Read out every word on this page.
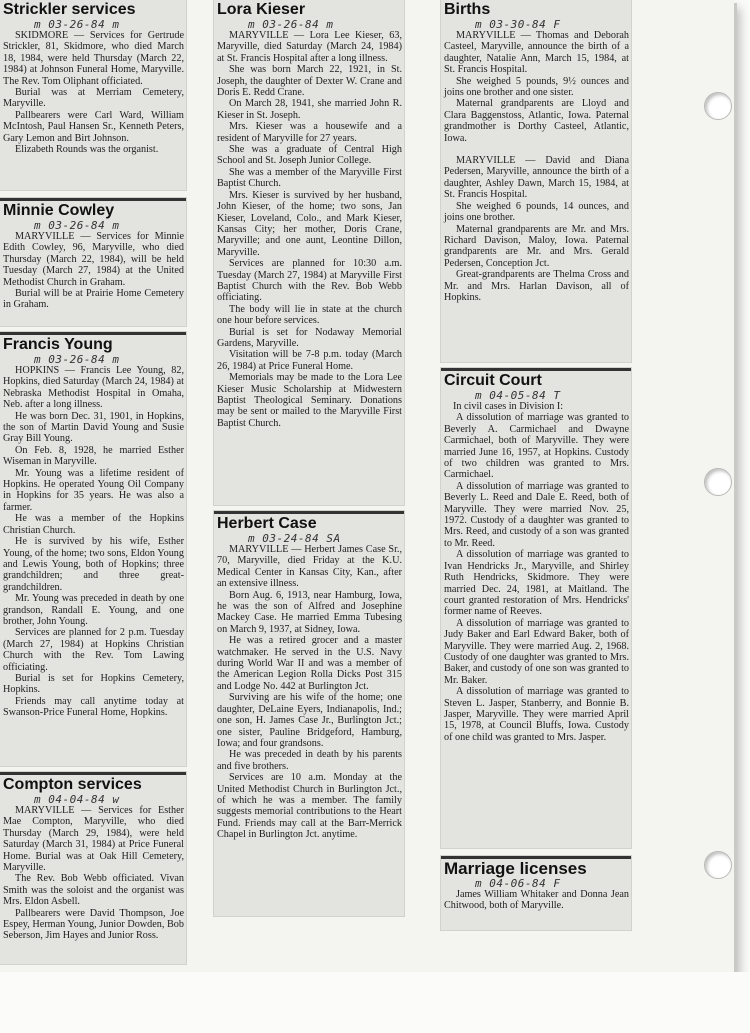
Strickler services
m 03-26-84 m

SKIDMORE — Services for Gertrude Strickler, 81, Skidmore, who died March 18, 1984, were held Thursday (March 22, 1984) at Johnson Funeral Home, Maryville. The Rev. Tom Oliphant officiated.

Burial was at Merriam Cemetery, Maryville.

Pallbearers were Carl Ward, William McIntosh, Paul Hansen Sr., Kenneth Peters, Gary Lemon and Birt Johnson.

Elizabeth Rounds was the organist.

Minnie Cowley
m 03-26-84 m

MARYVILLE — Services for Minnie Edith Cowley, 96, Maryville, who died Thursday (March 22, 1984), will be held Tuesday (March 27, 1984) at the United Methodist Church in Graham.

Burial will be at Prairie Home Cemetery in Graham.

Francis Young
m 03-26-84 m

HOPKINS — Francis Lee Young, 82, Hopkins, died Saturday (March 24, 1984) at Nebraska Methodist Hospital in Omaha, Neb. after a long illness.

He was born Dec. 31, 1901, in Hopkins, the son of Martin David Young and Susie Gray Bill Young.

On Feb. 8, 1928, he married Esther Wiseman in Maryville.

Mr. Young was a lifetime resident of Hopkins. He operated Young Oil Company in Hopkins for 35 years. He was also a farmer.

He was a member of the Hopkins Christian Church.

He is survived by his wife, Esther Young, of the home; two sons, Eldon Young and Lewis Young, both of Hopkins; three grandchildren; and three great-grandchildren.

Mr. Young was preceded in death by one grandson, Randall E. Young, and one brother, John Young.

Services are planned for 2 p.m. Tuesday (March 27, 1984) at Hopkins Christian Church with the Rev. Tom Lawing officiating.

Burial is set for Hopkins Cemetery, Hopkins.

Friends may call anytime today at Swanson-Price Funeral Home, Hopkins.

Compton services
m 04-04-84 w

MARYVILLE — Services for Esther Mae Compton, Maryville, who died Thursday (March 29, 1984), were held Saturday (March 31, 1984) at Price Funeral Home. Burial was at Oak Hill Cemetery, Maryville.

The Rev. Bob Webb officiated. Vivan Smith was the soloist and the organist was Mrs. Eldon Asbell.

Pallbearers were David Thompson, Joe Espey, Herman Young, Junior Dowden, Bob Seberson, Jim Hayes and Junior Ross.

Lora Kieser
m 03-26-84 m

MARYVILLE — Lora Lee Kieser, 63, Maryville, died Saturday (March 24, 1984) at St. Francis Hospital after a long illness.

She was born March 22, 1921, in St. Joseph, the daughter of Dexter W. Crane and Doris E. Redd Crane.

On March 28, 1941, she married John R. Kieser in St. Joseph.

Mrs. Kieser was a housewife and a resident of Maryville for 27 years.

She was a graduate of Central High School and St. Joseph Junior College.

She was a member of the Maryville First Baptist Church.

Mrs. Kieser is survived by her husband, John Kieser, of the home; two sons, Jan Kieser, Loveland, Colo., and Mark Kieser, Kansas City; her mother, Doris Crane, Maryville; and one aunt, Leontine Dillon, Maryville.

Services are planned for 10:30 a.m. Tuesday (March 27, 1984) at Maryville First Baptist Church with the Rev. Bob Webb officiating.

The body will lie in state at the church one hour before services.

Burial is set for Nodaway Memorial Gardens, Maryville.

Visitation will be 7-8 p.m. today (March 26, 1984) at Price Funeral Home.

Memorials may be made to the Lora Lee Kieser Music Scholarship at Midwestern Baptist Theological Seminary. Donations may be sent or mailed to the Maryville First Baptist Church.

Herbert Case
m 03-24-84 SA

MARYVILLE — Herbert James Case Sr., 70, Maryville, died Friday at the K.U. Medical Center in Kansas City, Kan., after an extensive illness.

Born Aug. 6, 1913, near Hamburg, Iowa, he was the son of Alfred and Josephine Mackey Case. He married Emma Tubesing on March 9, 1937, at Sidney, Iowa.

He was a retired grocer and a master watchmaker. He served in the U.S. Navy during World War II and was a member of the American Legion Rolla Dicks Post 315 and Lodge No. 442 at Burlington Jct.

Surviving are his wife of the home; one daughter, DeLaine Eyers, Indianapolis, Ind.; one son, H. James Case Jr., Burlington Jct.; one sister, Pauline Bridgeford, Hamburg, Iowa; and four grandsons.

He was preceded in death by his parents and five brothers.

Services are 10 a.m. Monday at the United Methodist Church in Burlington Jct., of which he was a member. The family suggests memorial contributions to the Heart Fund. Friends may call at the Barr-Merrick Chapel in Burlington Jct. anytime.

Births
m 03-30-84 F

MARYVILLE — Thomas and Deborah Casteel, Maryville, announce the birth of a daughter, Natalie Ann, March 15, 1984, at St. Francis Hospital.

She weighed 5 pounds, 9½ ounces and joins one brother and one sister.

Maternal grandparents are Lloyd and Clara Baggenstoss, Atlantic, Iowa. Paternal grandmother is Dorthy Casteel, Atlantic, Iowa.

MARYVILLE — David and Diana Pedersen, Maryville, announce the birth of a daughter, Ashley Dawn, March 15, 1984, at St. Francis Hospital.

She weighed 6 pounds, 14 ounces, and joins one brother.

Maternal grandparents are Mr. and Mrs. Richard Davison, Maloy, Iowa. Paternal grandparents are Mr. and Mrs. Gerald Pedersen, Conception Jct.

Great-grandparents are Thelma Cross and Mr. and Mrs. Harlan Davison, all of Hopkins.

Circuit Court
m 04-05-84 T
In civil cases in Division I:

A dissolution of marriage was granted to Beverly A. Carmichael and Dwayne Carmichael, both of Maryville. They were married June 16, 1957, at Hopkins. Custody of two children was granted to Mrs. Carmichael.

A dissolution of marriage was granted to Beverly L. Reed and Dale E. Reed, both of Maryville. They were married Nov. 25, 1972. Custody of a daughter was granted to Mrs. Reed, and custody of a son was granted to Mr. Reed.

A dissolution of marriage was granted to Ivan Hendricks Jr., Maryville, and Shirley Ruth Hendricks, Skidmore. They were married Dec. 24, 1981, at Maitland. The court granted restoration of Mrs. Hendricks' former name of Reeves.

A dissolution of marriage was granted to Judy Baker and Earl Edward Baker, both of Maryville. They were married Aug. 2, 1968. Custody of one daughter was granted to Mrs. Baker, and custody of one son was granted to Mr. Baker.

A dissolution of marriage was granted to Steven L. Jasper, Stanberry, and Bonnie B. Jasper, Maryville. They were married April 15, 1978, at Council Bluffs, Iowa. Custody of one child was granted to Mrs. Jasper.

Marriage licenses
m 04-06-84 F

James William Whitaker and Donna Jean Chitwood, both of Maryville.
